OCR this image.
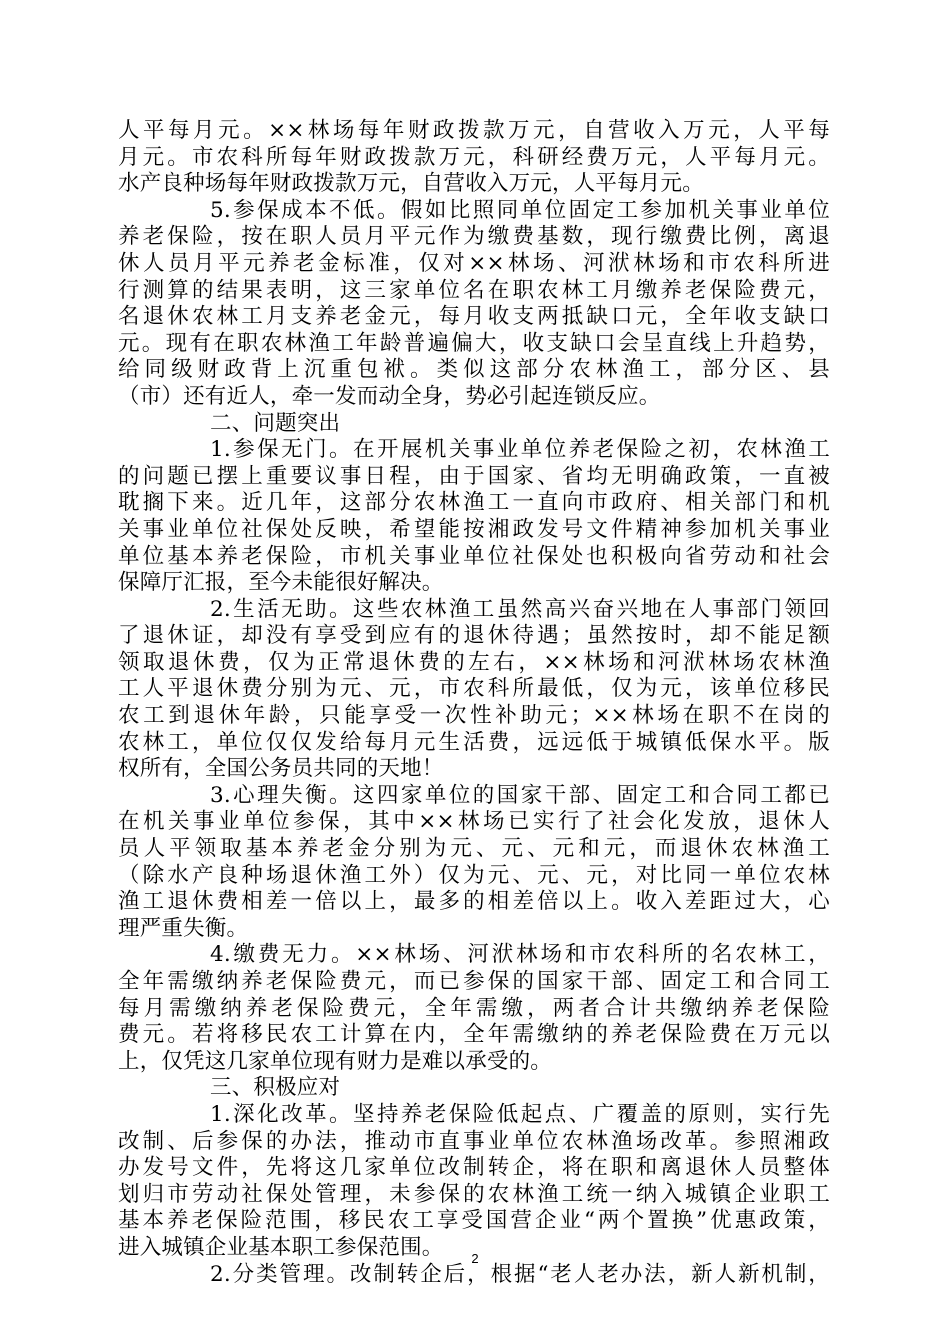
人平每月元。××林场每年财政拨款万元，自营收入万元，人平每
月元。市农科所每年财政拨款万元，科研经费万元，人平每月元。
水产良种场每年财政拨款万元，自营收入万元，人平每月元。
5.参保成本不低。假如比照同单位固定工参加机关事业单位
养老保险，按在职人员月平元作为缴费基数，现行缴费比例，离退
休人员月平元养老金标准，仅对××林场、河洑林场和市农科所进
行测算的结果表明，这三家单位名在职农林工月缴养老保险费元，
名退休农林工月支养老金元，每月收支两抵缺口元，全年收支缺口
元。现有在职农林渔工年龄普遍偏大，收支缺口会呈直线上升趋势，
给同级财政背上沉重包袱。类似这部分农林渔工，部分区、县
（市）还有近人，牵一发而动全身，势必引起连锁反应。
二、问题突出
1.参保无门。在开展机关事业单位养老保险之初，农林渔工
的问题已摆上重要议事日程，由于国家、省均无明确政策，一直被
耽搁下来。近几年，这部分农林渔工一直向市政府、相关部门和机
关事业单位社保处反映，希望能按湘政发号文件精神参加机关事业
单位基本养老保险，市机关事业单位社保处也积极向省劳动和社会
保障厅汇报，至今未能很好解决。
2.生活无助。这些农林渔工虽然高兴奋兴地在人事部门领回
了退休证，却没有享受到应有的退休待遇；虽然按时，却不能足额
领取退休费，仅为正常退休费的左右，××林场和河洑林场农林渔
工人平退休费分别为元、元，市农科所最低，仅为元，该单位移民
农工到退休年龄，只能享受一次性补助元；××林场在职不在岗的
农林工，单位仅仅发给每月元生活费，远远低于城镇低保水平。版
权所有，全国公务员共同的天地！
3.心理失衡。这四家单位的国家干部、固定工和合同工都已
在机关事业单位参保，其中××林场已实行了社会化发放，退休人
员人平领取基本养老金分别为元、元、元和元，而退休农林渔工
（除水产良种场退休渔工外）仅为元、元、元，对比同一单位农林
渔工退休费相差一倍以上，最多的相差倍以上。收入差距过大，心
理严重失衡。
4.缴费无力。××林场、河洑林场和市农科所的名农林工，
全年需缴纳养老保险费元，而已参保的国家干部、固定工和合同工
每月需缴纳养老保险费元，全年需缴，两者合计共缴纳养老保险
费元。若将移民农工计算在内，全年需缴纳的养老保险费在万元以
上，仅凭这几家单位现有财力是难以承受的。
三、积极应对
1.深化改革。坚持养老保险低起点、广覆盖的原则，实行先
改制、后参保的办法，推动市直事业单位农林渔场改革。参照湘政
办发号文件，先将这几家单位改制转企，将在职和离退休人员整体
划归市劳动社保处管理，未参保的农林渔工统一纳入城镇企业职工
基本养老保险范围，移民农工享受国营企业“两个置换”优惠政策，
进入城镇企业基本职工参保范围。
2.分类管理。改制转企后，根据“老人老办法，新人新机制，
2
